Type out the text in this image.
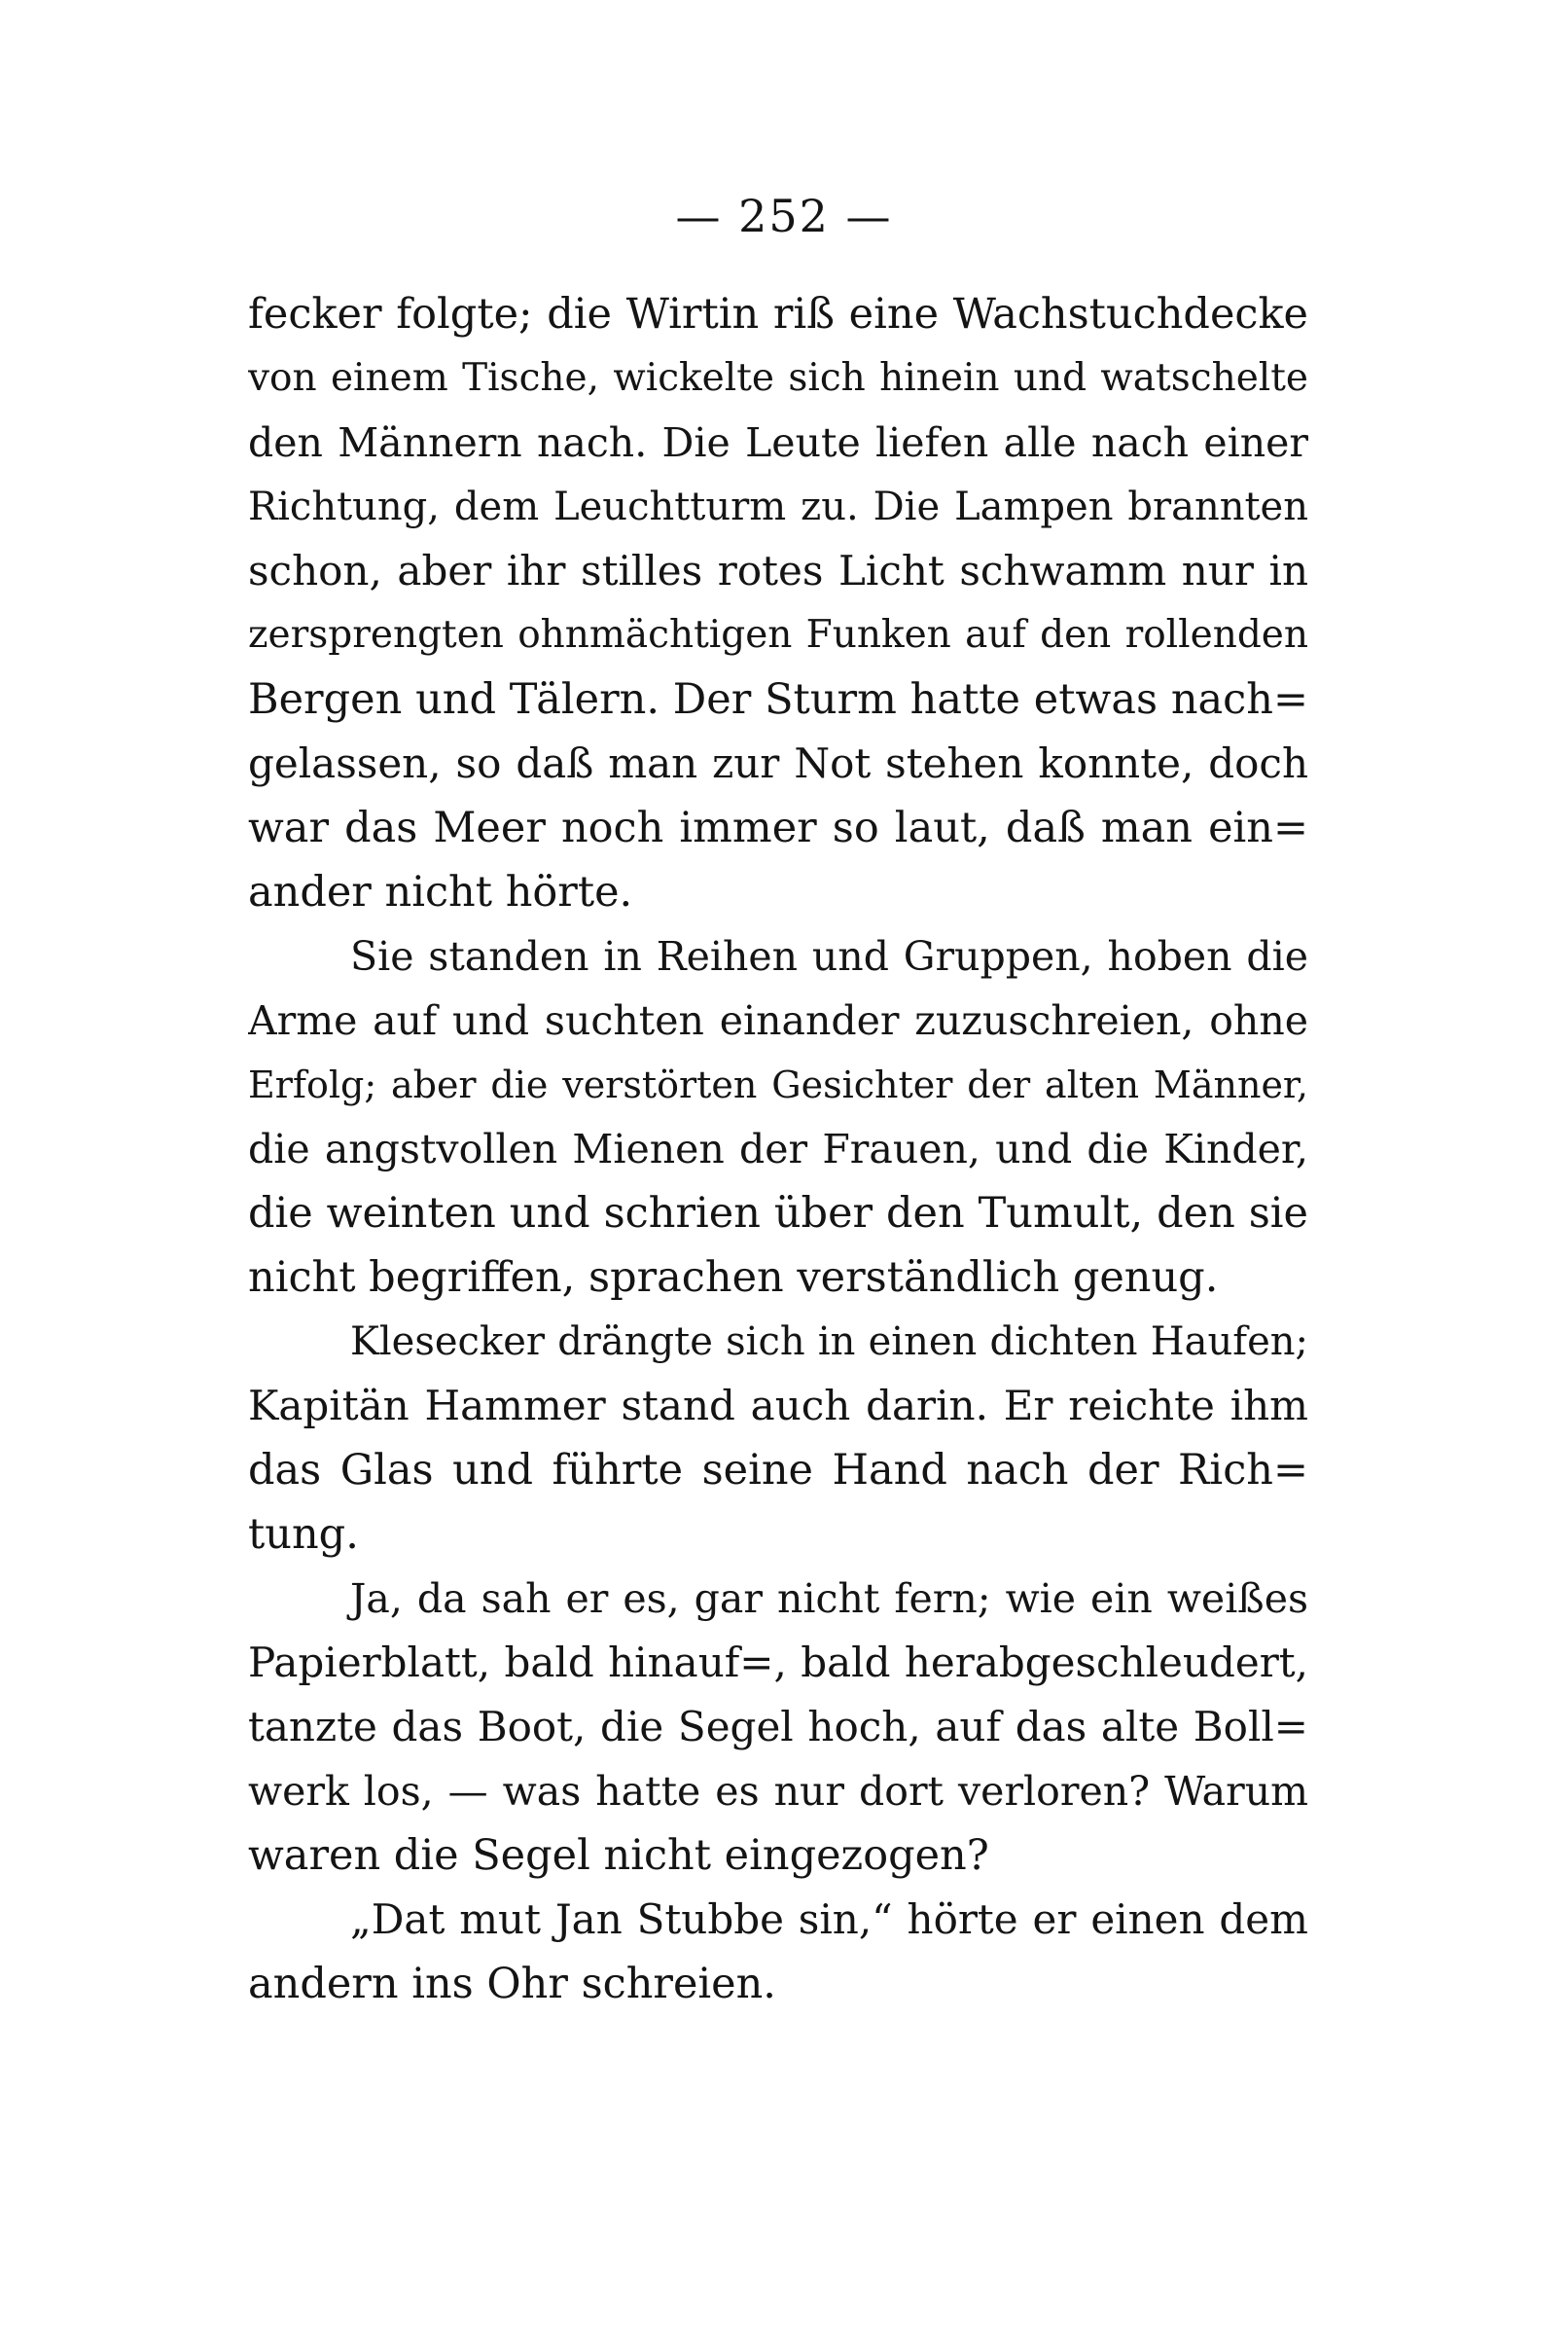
— 252 —
fecker folgte; die Wirtin riß eine Wachstuchdecke
von einem Tische, wickelte sich hinein und watschelte
den Männern nach. Die Leute liefen alle nach einer
Richtung, dem Leuchtturm zu. Die Lampen brannten
schon, aber ihr stilles rotes Licht schwamm nur in
zersprengten ohnmächtigen Funken auf den rollenden
Bergen und Tälern. Der Sturm hatte etwas nach=
gelassen, so daß man zur Not stehen konnte, doch
war das Meer noch immer so laut, daß man ein=
ander nicht hörte.
Sie standen in Reihen und Gruppen, hoben die
Arme auf und suchten einander zuzuschreien, ohne
Erfolg; aber die verstörten Gesichter der alten Männer,
die angstvollen Mienen der Frauen, und die Kinder,
die weinten und schrien über den Tumult, den sie
nicht begriffen, sprachen verständlich genug.
Klesecker drängte sich in einen dichten Haufen;
Kapitän Hammer stand auch darin. Er reichte ihm
das Glas und führte seine Hand nach der Rich=
tung.
Ja, da sah er es, gar nicht fern; wie ein weißes
Papierblatt, bald hinauf=, bald herabgeschleudert,
tanzte das Boot, die Segel hoch, auf das alte Boll=
werk los, — was hatte es nur dort verloren? Warum
waren die Segel nicht eingezogen?
„Dat mut Jan Stubbe sin,“ hörte er einen dem
andern ins Ohr schreien.
